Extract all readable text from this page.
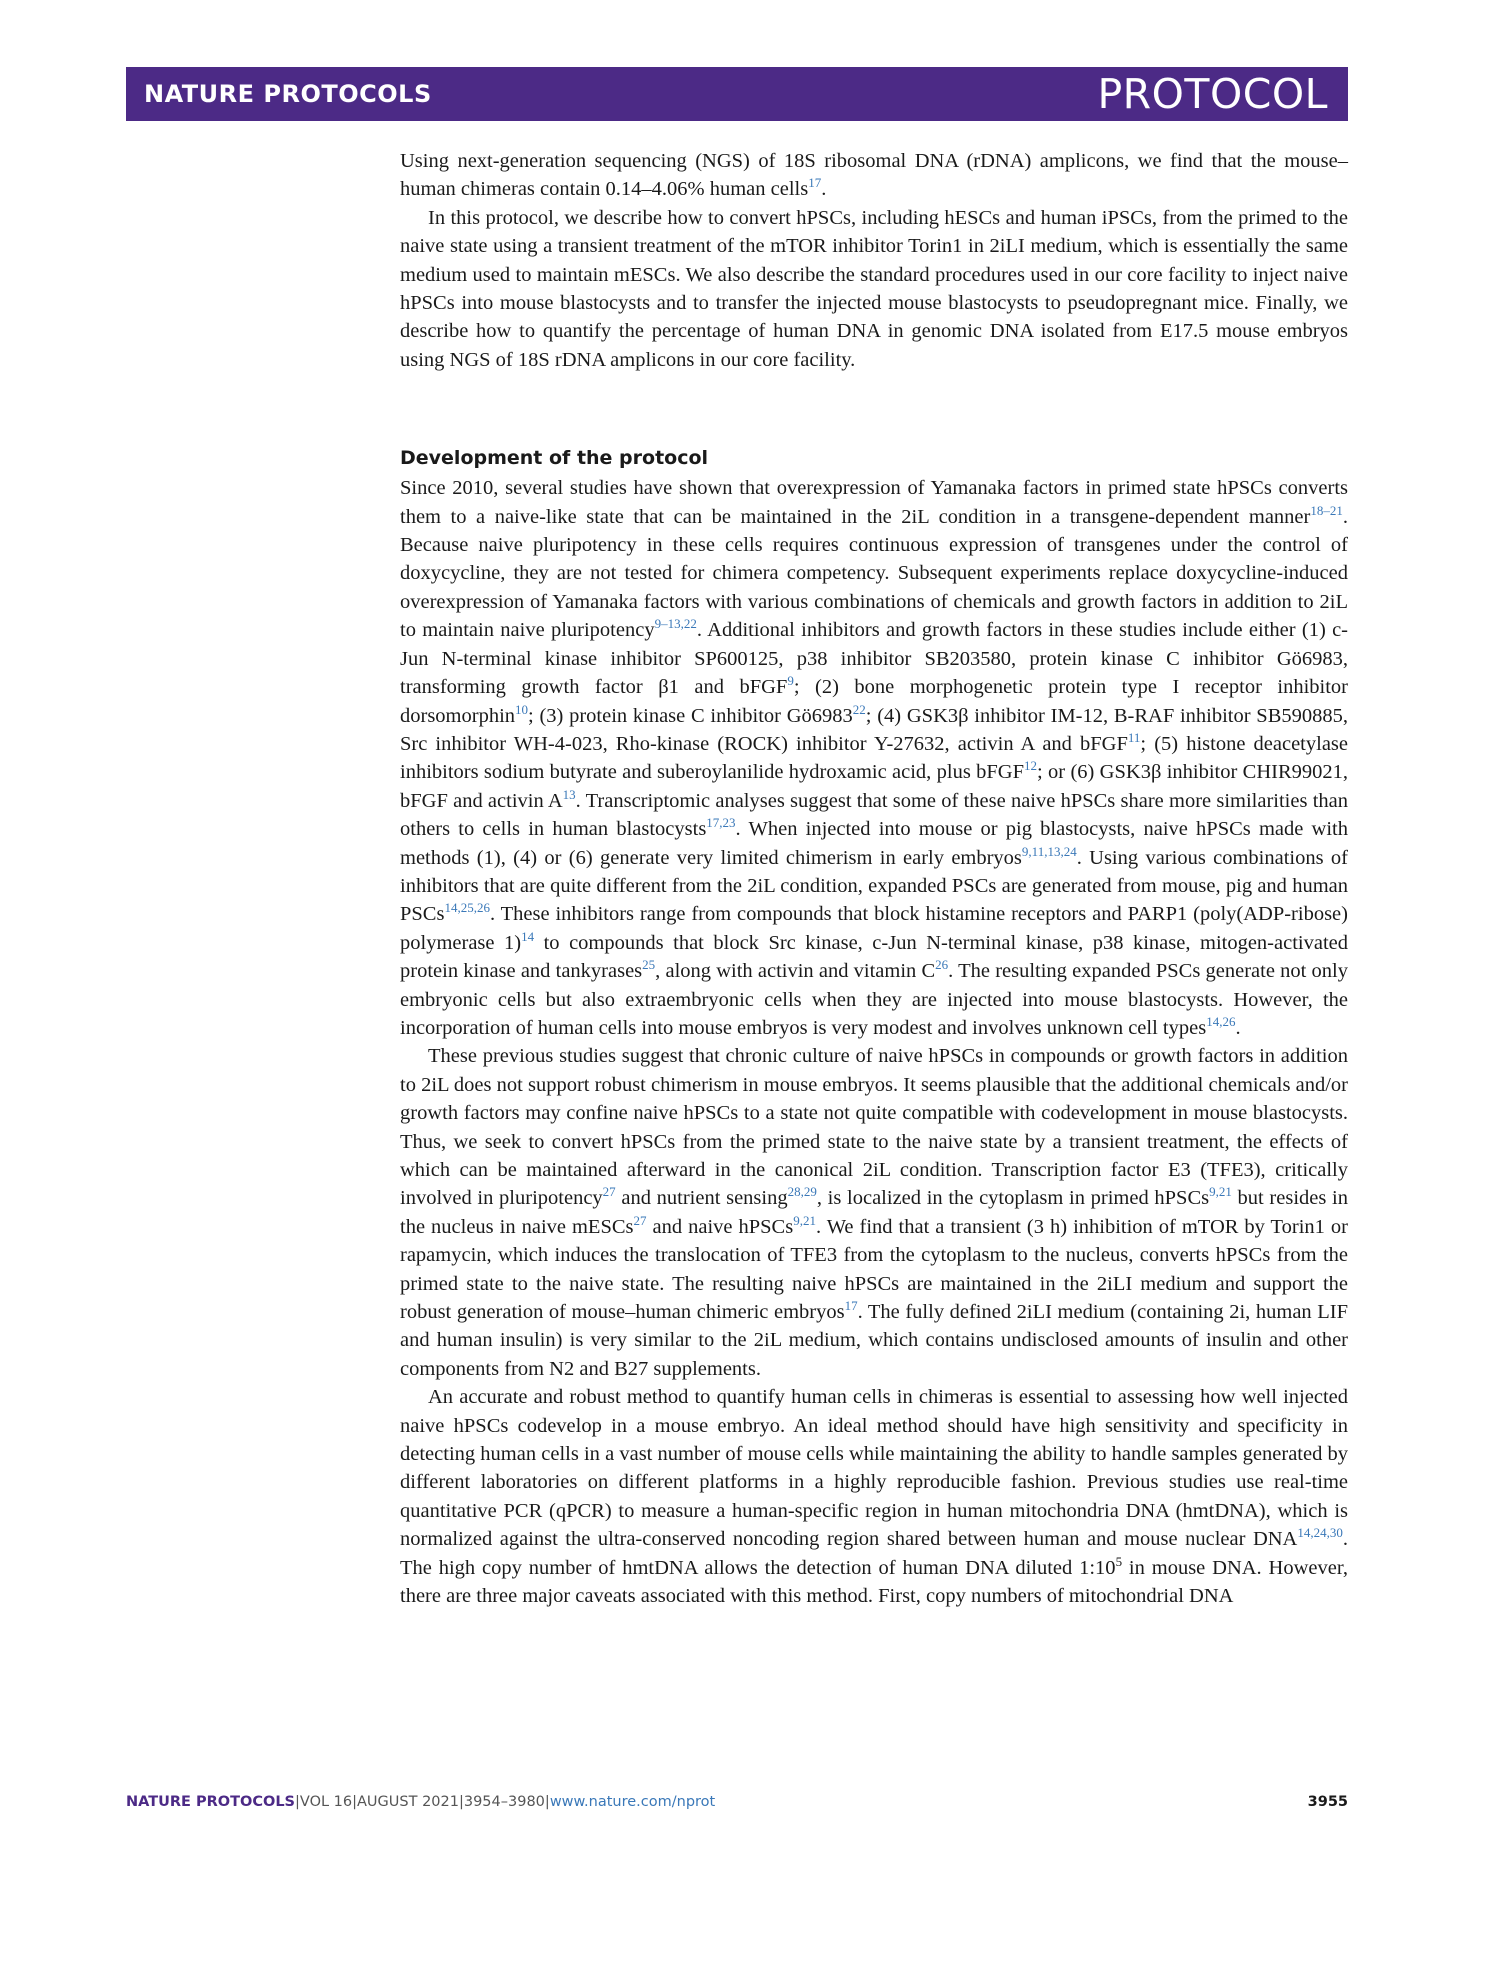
NATURE PROTOCOLS	PROTOCOL

Using next-generation sequencing (NGS) of 18S ribosomal DNA (rDNA) amplicons, we find that the mouse–human chimeras contain 0.14–4.06% human cells$^{17}$.

In this protocol, we describe how to convert hPSCs, including hESCs and human iPSCs, from the primed to the naive state using a transient treatment of the mTOR inhibitor Torin1 in 2iLI medium, which is essentially the same medium used to maintain mESCs. We also describe the standard procedures used in our core facility to inject naive hPSCs into mouse blastocysts and to transfer the injected mouse blastocysts to pseudopregnant mice. Finally, we describe how to quantify the percentage of human DNA in genomic DNA isolated from E17.5 mouse embryos using NGS of 18S rDNA amplicons in our core facility.

Development of the protocol

Since 2010, several studies have shown that overexpression of Yamanaka factors in primed state hPSCs converts them to a naive-like state that can be maintained in the 2iL condition in a transgene-dependent manner$^{18-21}$. Because naive pluripotency in these cells requires continuous expression of transgenes under the control of doxycycline, they are not tested for chimera competency. Subsequent experiments replace doxycycline-induced overexpression of Yamanaka factors with various combinations of chemicals and growth factors in addition to 2iL to maintain naive pluripotency$^{9-13,22}$. Additional inhibitors and growth factors in these studies include either (1) c-Jun N-terminal kinase inhibitor SP600125, p38 inhibitor SB203580, protein kinase C inhibitor Gö6983, transforming growth factor β1 and bFGF$^9$; (2) bone morphogenetic protein type I receptor inhibitor dorsomorphin$^{10}$; (3) protein kinase C inhibitor Gö6983$^{22}$; (4) GSK3β inhibitor IM-12, B-RAF inhibitor SB590885, Src inhibitor WH-4-023, Rho-kinase (ROCK) inhibitor Y-27632, activin A and bFGF$^{11}$; (5) histone deacetylase inhibitors sodium butyrate and suberoylanilide hydroxamic acid, plus bFGF$^{12}$; or (6) GSK3β inhibitor CHIR99021, bFGF and activin A$^{13}$. Transcriptomic analyses suggest that some of these naive hPSCs share more similarities than others to cells in human blastocysts$^{17,23}$. When injected into mouse or pig blastocysts, naive hPSCs made with methods (1), (4) or (6) generate very limited chimerism in early embryos$^{9,11,13,24}$. Using various combinations of inhibitors that are quite different from the 2iL condition, expanded PSCs are generated from mouse, pig and human PSCs$^{14,25,26}$. These inhibitors range from compounds that block histamine receptors and PARP1 (poly(ADP-ribose) polymerase 1)$^{14}$ to compounds that block Src kinase, c-Jun N-terminal kinase, p38 kinase, mitogen-activated protein kinase and tankyrases$^{25}$, along with activin and vitamin C$^{26}$. The resulting expanded PSCs generate not only embryonic cells but also extraembryonic cells when they are injected into mouse blastocysts. However, the incorporation of human cells into mouse embryos is very modest and involves unknown cell types$^{14,26}$.

These previous studies suggest that chronic culture of naive hPSCs in compounds or growth factors in addition to 2iL does not support robust chimerism in mouse embryos. It seems plausible that the additional chemicals and/or growth factors may confine naive hPSCs to a state not quite compatible with codevelopment in mouse blastocysts. Thus, we seek to convert hPSCs from the primed state to the naive state by a transient treatment, the effects of which can be maintained afterward in the canonical 2iL condition. Transcription factor E3 (TFE3), critically involved in pluripotency$^{27}$ and nutrient sensing$^{28,29}$, is localized in the cytoplasm in primed hPSCs$^{9,21}$ but resides in the nucleus in naive mESCs$^{27}$ and naive hPSCs$^{9,21}$. We find that a transient (3 h) inhibition of mTOR by Torin1 or rapamycin, which induces the translocation of TFE3 from the cytoplasm to the nucleus, converts hPSCs from the primed state to the naive state. The resulting naive hPSCs are maintained in the 2iLI medium and support the robust generation of mouse–human chimeric embryos$^{17}$. The fully defined 2iLI medium (containing 2i, human LIF and human insulin) is very similar to the 2iL medium, which contains undisclosed amounts of insulin and other components from N2 and B27 supplements.

An accurate and robust method to quantify human cells in chimeras is essential to assessing how well injected naive hPSCs codevelop in a mouse embryo. An ideal method should have high sensitivity and specificity in detecting human cells in a vast number of mouse cells while maintaining the ability to handle samples generated by different laboratories on different platforms in a highly reproducible fashion. Previous studies use real-time quantitative PCR (qPCR) to measure a human-specific region in human mitochondria DNA (hmtDNA), which is normalized against the ultra-conserved noncoding region shared between human and mouse nuclear DNA$^{14,24,30}$. The high copy number of hmtDNA allows the detection of human DNA diluted $1:10^5$ in mouse DNA. However, there are three major caveats associated with this method. First, copy numbers of mitochondrial DNA

NATURE PROTOCOLS|VOL 16|AUGUST 2021|3954–3980|www.nature.com/nprot	3955
